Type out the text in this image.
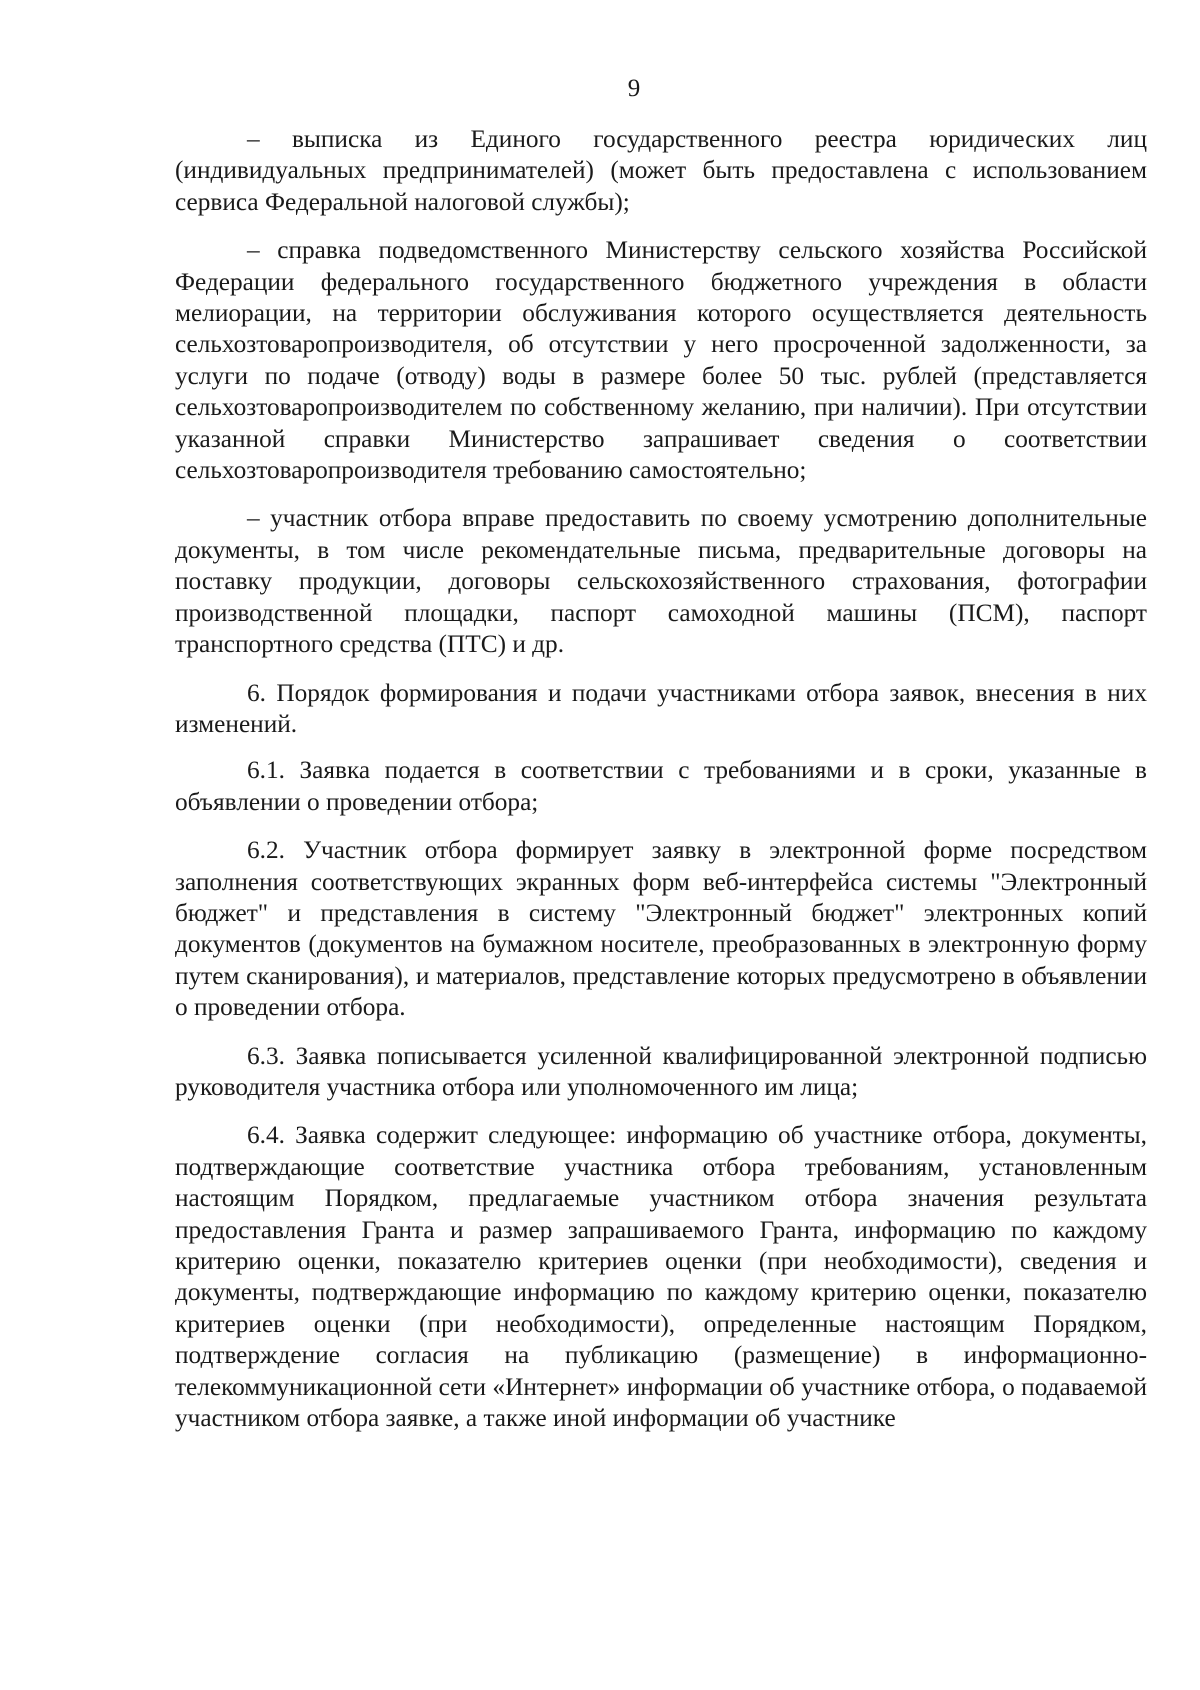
9

– выписка из Единого государственного реестра юридических лиц (индивидуальных предпринимателей) (может быть предоставлена с использованием сервиса Федеральной налоговой службы);

– справка подведомственного Министерству сельского хозяйства Российской Федерации федерального государственного бюджетного учреждения в области мелиорации, на территории обслуживания которого осуществляется деятельность сельхозтоваропроизводителя, об отсутствии у него просроченной задолженности, за услуги по подаче (отводу) воды в размере более 50 тыс. рублей (представляется сельхозтоваропроизводителем по собственному желанию, при наличии). При отсутствии указанной справки Министерство запрашивает сведения о соответствии сельхозтоваропроизводителя требованию самостоятельно;

– участник отбора вправе предоставить по своему усмотрению дополнительные документы, в том числе рекомендательные письма, предварительные договоры на поставку продукции, договоры сельскохозяйственного страхования, фотографии производственной площадки, паспорт самоходной машины (ПСМ), паспорт транспортного средства (ПТС) и др.

6. Порядок формирования и подачи участниками отбора заявок, внесения в них изменений.

6.1. Заявка подается в соответствии с требованиями и в сроки, указанные в объявлении о проведении отбора;

6.2. Участник отбора формирует заявку в электронной форме посредством заполнения соответствующих экранных форм веб-интерфейса системы "Электронный бюджет" и представления в систему "Электронный бюджет" электронных копий документов (документов на бумажном носителе, преобразованных в электронную форму путем сканирования), и материалов, представление которых предусмотрено в объявлении о проведении отбора.

6.3. Заявка пописывается усиленной квалифицированной электронной подписью руководителя участника отбора или уполномоченного им лица;

6.4. Заявка содержит следующее: информацию об участнике отбора, документы, подтверждающие соответствие участника отбора требованиям, установленным настоящим Порядком, предлагаемые участником отбора значения результата предоставления Гранта и размер запрашиваемого Гранта, информацию по каждому критерию оценки, показателю критериев оценки (при необходимости), сведения и документы, подтверждающие информацию по каждому критерию оценки, показателю критериев оценки (при необходимости), определенные настоящим Порядком, подтверждение согласия на публикацию (размещение) в информационно-телекоммуникационной сети «Интернет» информации об участнике отбора, о подаваемой участником отбора заявке, а также иной информации об участнике
